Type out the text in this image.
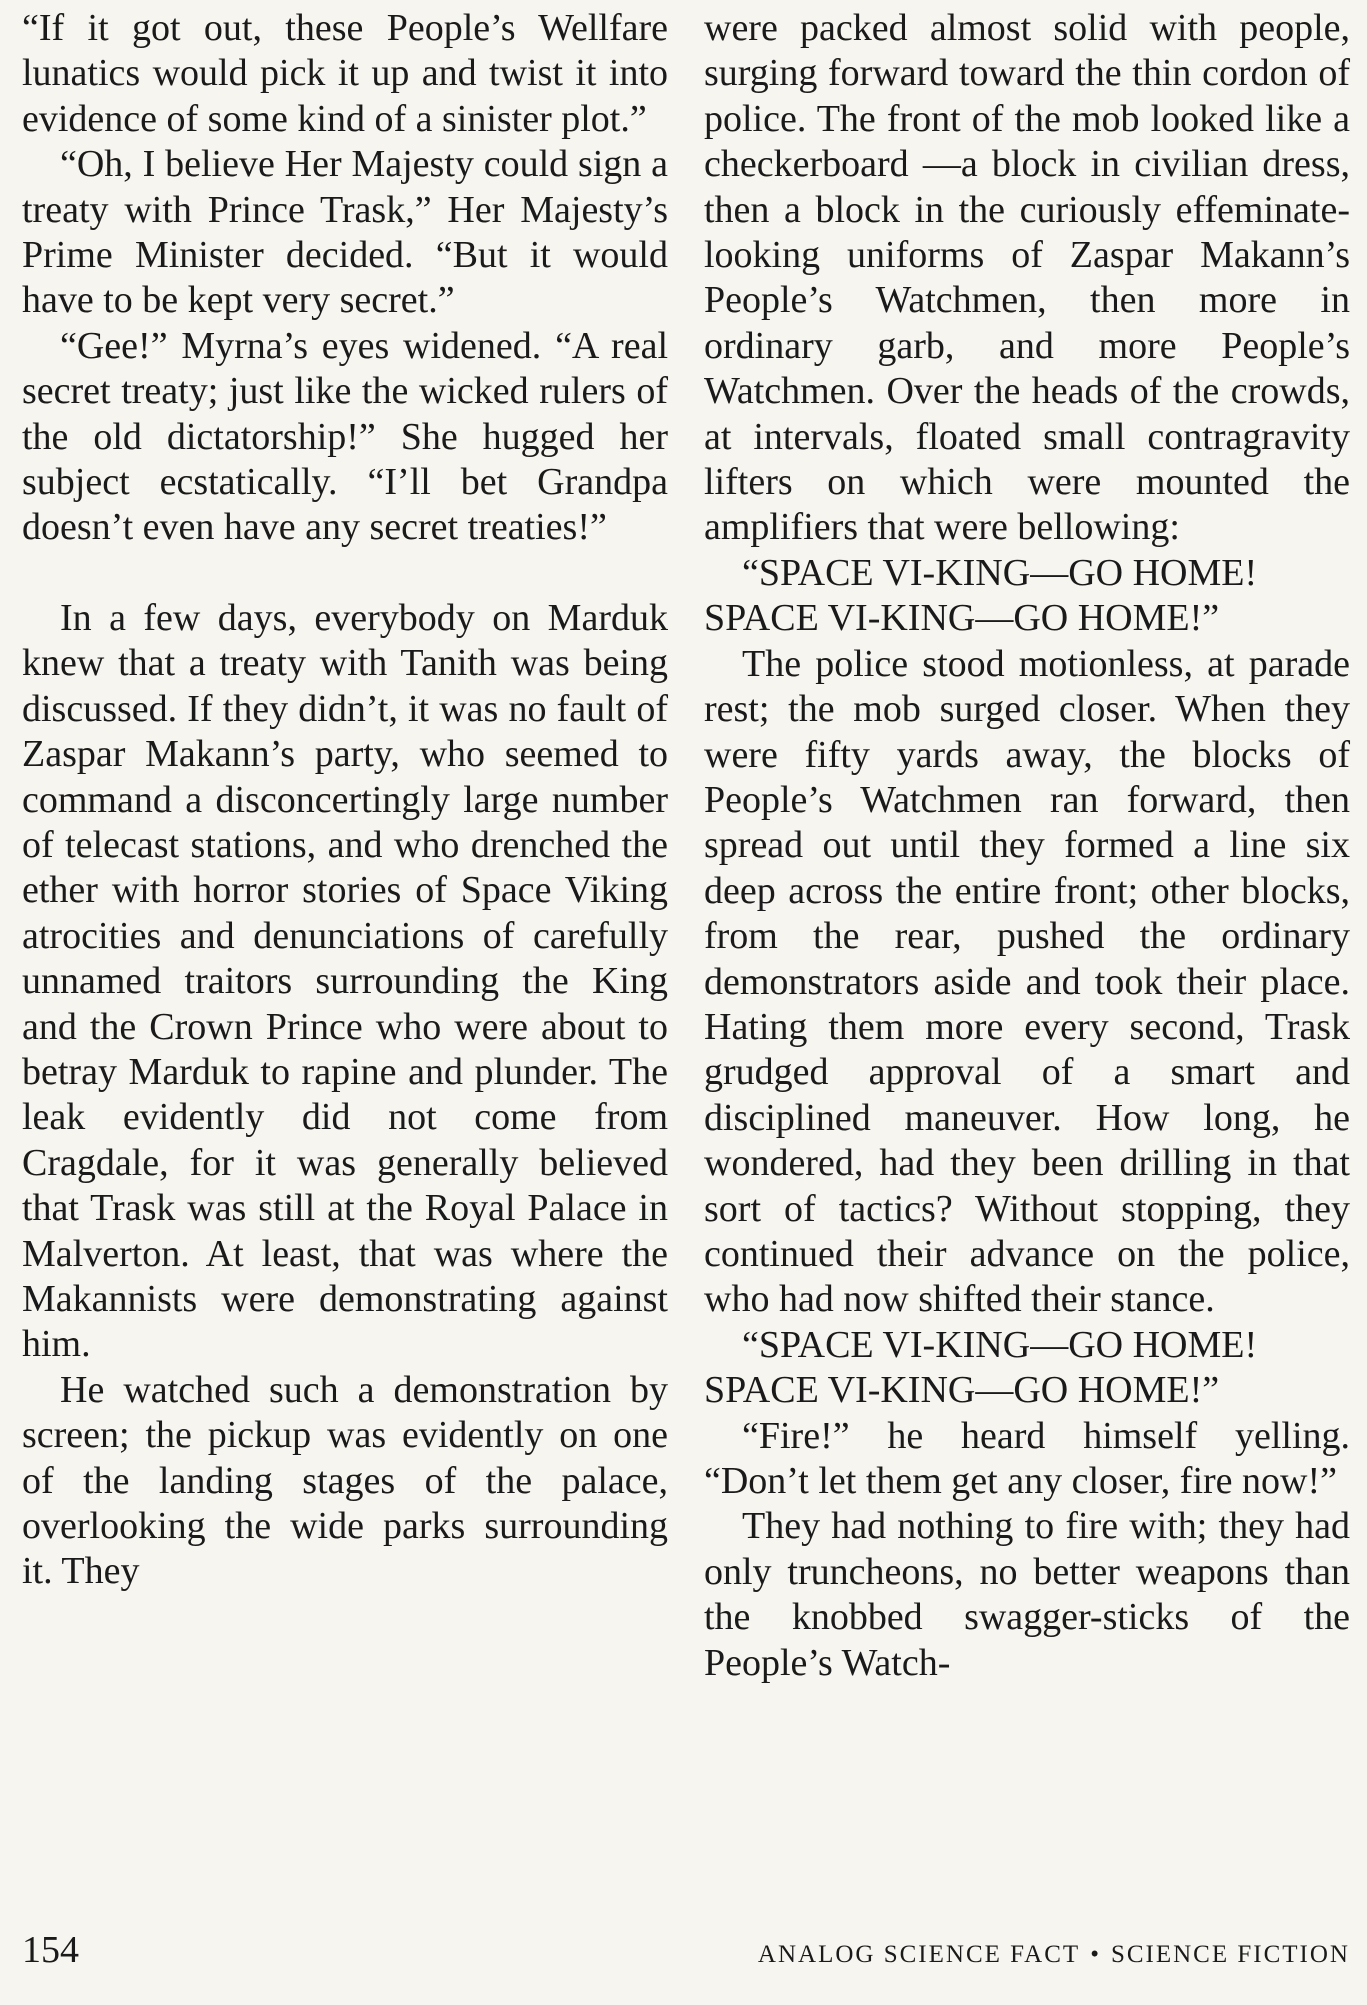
“If it got out, these People’s Wellfare lunatics would pick it up and twist it into evidence of some kind of a sinister plot.”

“Oh, I believe Her Majesty could sign a treaty with Prince Trask,” Her Majesty’s Prime Minister decided. “But it would have to be kept very secret.”

“Gee!” Myrna’s eyes widened. “A real secret treaty; just like the wicked rulers of the old dictatorship!” She hugged her subject ecstatically. “I’ll bet Grandpa doesn’t even have any secret treaties!”

In a few days, everybody on Marduk knew that a treaty with Tanith was being discussed. If they didn’t, it was no fault of Zaspar Makann’s party, who seemed to command a disconcertingly large number of telecast stations, and who drenched the ether with horror stories of Space Viking atrocities and denunciations of carefully unnamed traitors surrounding the King and the Crown Prince who were about to betray Marduk to rapine and plunder. The leak evidently did not come from Cragdale, for it was generally believed that Trask was still at the Royal Palace in Malverton. At least, that was where the Makannists were demonstrating against him.

He watched such a demonstration by screen; the pickup was evidently on one of the landing stages of the palace, overlooking the wide parks surrounding it. They

were packed almost solid with people, surging forward toward the thin cordon of police. The front of the mob looked like a checkerboard —a block in civilian dress, then a block in the curiously effeminate-looking uniforms of Zaspar Makann’s People’s Watchmen, then more in ordinary garb, and more People’s Watchmen. Over the heads of the crowds, at intervals, floated small contragravity lifters on which were mounted the amplifiers that were bellowing:

“SPACE VI-KING—GO HOME! SPACE VI-KING—GO HOME!”

The police stood motionless, at parade rest; the mob surged closer. When they were fifty yards away, the blocks of People’s Watchmen ran forward, then spread out until they formed a line six deep across the entire front; other blocks, from the rear, pushed the ordinary demonstrators aside and took their place. Hating them more every second, Trask grudged approval of a smart and disciplined maneuver. How long, he wondered, had they been drilling in that sort of tactics? Without stopping, they continued their advance on the police, who had now shifted their stance.

“SPACE VI-KING—GO HOME! SPACE VI-KING—GO HOME!”

“Fire!” he heard himself yelling. “Don’t let them get any closer, fire now!”

They had nothing to fire with; they had only truncheons, no better weapons than the knobbed swagger-sticks of the People’s Watch-

154	ANALOG SCIENCE FACT • SCIENCE FICTION
